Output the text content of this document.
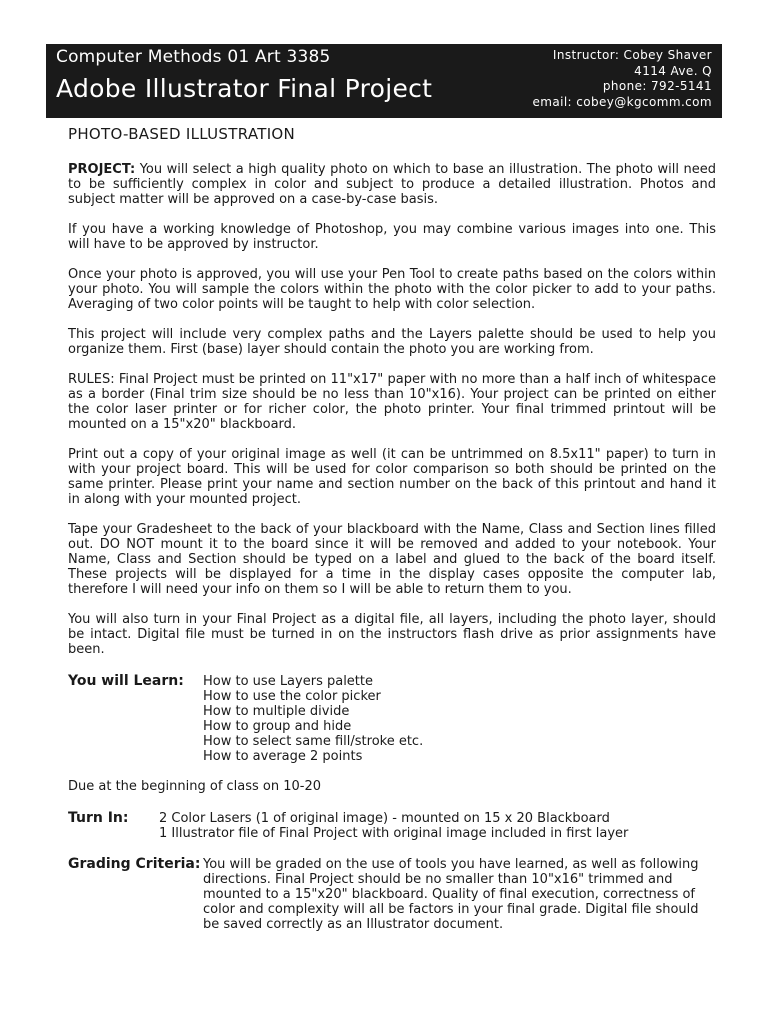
Computer Methods 01 Art 3385
Adobe Illustrator Final Project
Instructor: Cobey Shaver
4114 Ave. Q
phone: 792-5141
email: cobey@kgcomm.com
PHOTO-BASED ILLUSTRATION

PROJECT: You will select a high quality photo on which to base an illustration. The photo will need to be sufficiently complex in color and subject to produce a detailed illustration. Photos and subject matter will be approved on a case-by-case basis.

If you have a working knowledge of Photoshop, you may combine various images into one. This will have to be approved by instructor.

Once your photo is approved, you will use your Pen Tool to create paths based on the colors within your photo. You will sample the colors within the photo with the color picker to add to your paths. Averaging of two color points will be taught to help with color selection.

This project will include very complex paths and the Layers palette should be used to help you organize them. First (base) layer should contain the photo you are working from.

RULES: Final Project must be printed on 11"x17" paper with no more than a half inch of whitespace as a border (Final trim size should be no less than 10"x16). Your project can be printed on either the color laser printer or for richer color, the photo printer. Your final trimmed printout will be mounted on a 15"x20" blackboard.

Print out a copy of your original image as well (it can be untrimmed on 8.5x11" paper) to turn in with your project board. This will be used for color comparison so both should be printed on the same printer. Please print your name and section number on the back of this printout and hand it in along with your mounted project.

Tape your Gradesheet to the back of your blackboard with the Name, Class and Section lines filled out. DO NOT mount it to the board since it will be removed and added to your notebook. Your Name, Class and Section should be typed on a label and glued to the back of the board itself. These projects will be displayed for a time in the display cases opposite the computer lab, therefore I will need your info on them so I will be able to return them to you.

You will also turn in your Final Project as a digital file, all layers, including the photo layer, should be intact. Digital file must be turned in on the instructors flash drive as prior assignments have been.

You will Learn:	How to use Layers palette
How to use the color picker
How to multiple divide
How to group and hide
How to select same fill/stroke etc.
How to average 2 points

Due at the beginning of class on 10-20

Turn In:	2 Color Lasers (1 of original image) - mounted on 15 x 20 Blackboard
1 Illustrator file of Final Project with original image included in first layer
Grading Criteria: You will be graded on the use of tools you have learned, as well as following directions. Final Project should be no smaller than 10"x16" trimmed and mounted to a 15"x20" blackboard. Quality of final execution, correctness of color and complexity will all be factors in your final grade. Digital file should be saved correctly as an Illustrator document.
